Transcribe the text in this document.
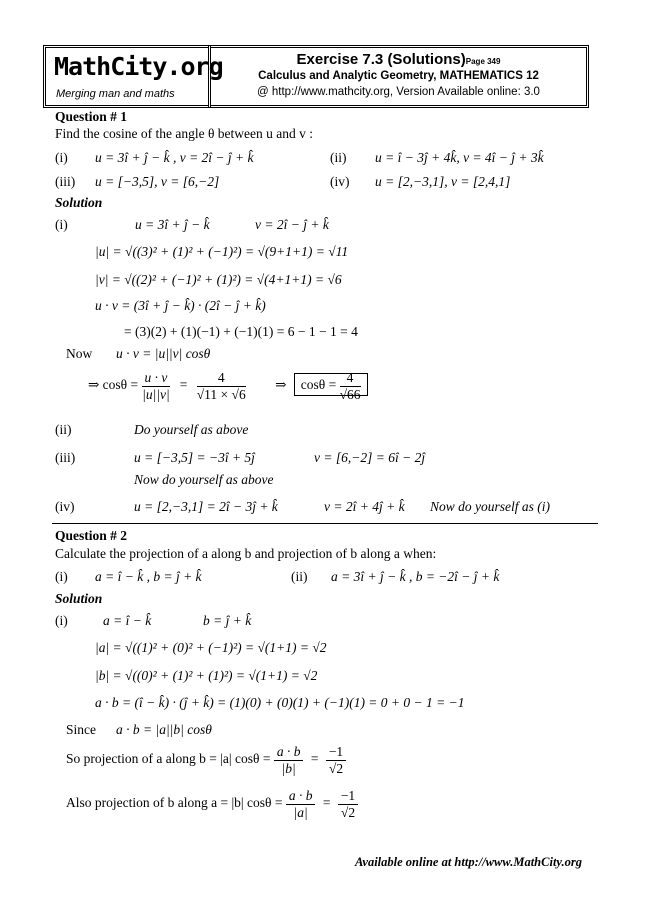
MathCity.org
Merging man and maths
Exercise 7.3 (Solutions)Page 349
Calculus and Analytic Geometry, MATHEMATICS 12
@ http://www.mathcity.org, Version Available online: 3.0
Question # 1
Find the cosine of the angle θ between u and v :
(i) u = 3î + ĵ − k̂ , v = 2î − ĵ + k̂	(ii) u = î − 3ĵ + 4k̂, v = 4î − ĵ + 3k̂
(iii) u = [−3,5], v = [6,−2]	(iv) u = [2,−3,1], v = [2,4,1]
Solution
(i)	u = 3î + ĵ − k̂	v = 2î − ĵ + k̂
|u| = √((3)² + (1)² + (−1)²) = √(9+1+1) = √11
|v| = √((2)² + (−1)² + (1)²) = √(4+1+1) = √6
u · v = (3î + ĵ − k̂) · (2î − ĵ + k̂)
= (3)(2) + (1)(−1) + (−1)(1) = 6 − 1 − 1 = 4
Now u · v = |u||v| cosθ
⇒ $\cos\theta = \frac{u \cdot v}{|u||v|} = \frac{4}{√11 \times √6}$ ⇒ $\cos\theta = \frac{4}{√66}$
(ii)	Do yourself as above
(iii)	u = [−3,5] = −3î + 5ĵ	v = [6,−2] = 6î − 2ĵ
Now do yourself as above
(iv)	u = [2,−3,1] = 2î − 3ĵ + k̂	v = 2î + 4ĵ + k̂ Now do yourself as (i)
Question # 2
Calculate the projection of a along b and projection of b along a when:
(i) a = î − k̂ , b = ĵ + k̂	(ii) a = 3î + ĵ − k̂ , b = −2î − ĵ + k̂
Solution
(i)	a = î − k̂	b = ĵ + k̂
|a| = √((1)² + (0)² + (−1)²) = √(1+1) = √2
|b| = √((0)² + (1)² + (1)²) = √(1+1) = √2
a · b = (î − k̂) · (ĵ + k̂) = (1)(0) + (0)(1) + (−1)(1) = 0 + 0 − 1 = −1
Since a · b = |a||b| cosθ
So projection of a along b = |a| $\cos\theta = \frac{a \cdot b}{|b|} = \frac{-1}{√2}$
Also projection of b along a = |b| $\cos\theta = \frac{a \cdot b}{|a|} = \frac{-1}{√2}$
Available online at http://www.MathCity.org
